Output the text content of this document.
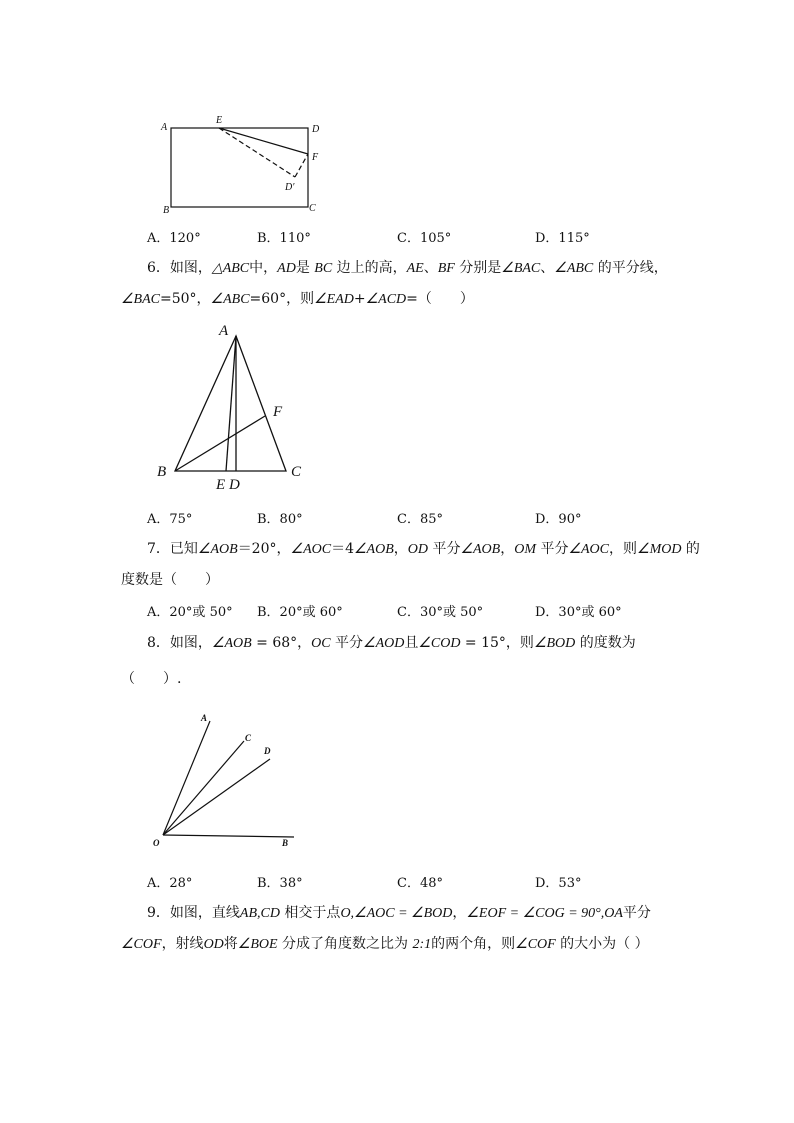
A
E
D
F
D′
B	C
A．120°	B．110°	C．105°	D．115°
6．如图，△ABC中，AD是 BC 边上的高，AE、BF 分别是∠BAC、∠ABC 的平分线，
∠BAC=50°，∠ABC=60°，则∠EAD+∠ACD=（　　）
A
B	C
E D
F
A．75°	B．80°	C．85°	D．90°
7．已知∠AOB＝20°，∠AOC＝4∠AOB，OD 平分∠AOB，OM 平分∠AOC，则∠MOD 的
度数是（　　）
A．20°或 50° B．20°或 60°	C．30°或 50°	D．30°或 60°
8．如图，∠AOB = 68°，OC 平分∠AOD且∠COD = 15°，则∠BOD 的度数为
（　　）.
A
C
D
O	B
A．28°	B．38°	C．48°	D．53°
9．如图，直线AB,CD 相交于点O,∠AOC = ∠BOD，∠EOF = ∠COG = 90°,OA平分
∠COF，射线OD将∠BOE 分成了角度数之比为 2:1的两个角，则∠COF 的大小为（ ）
